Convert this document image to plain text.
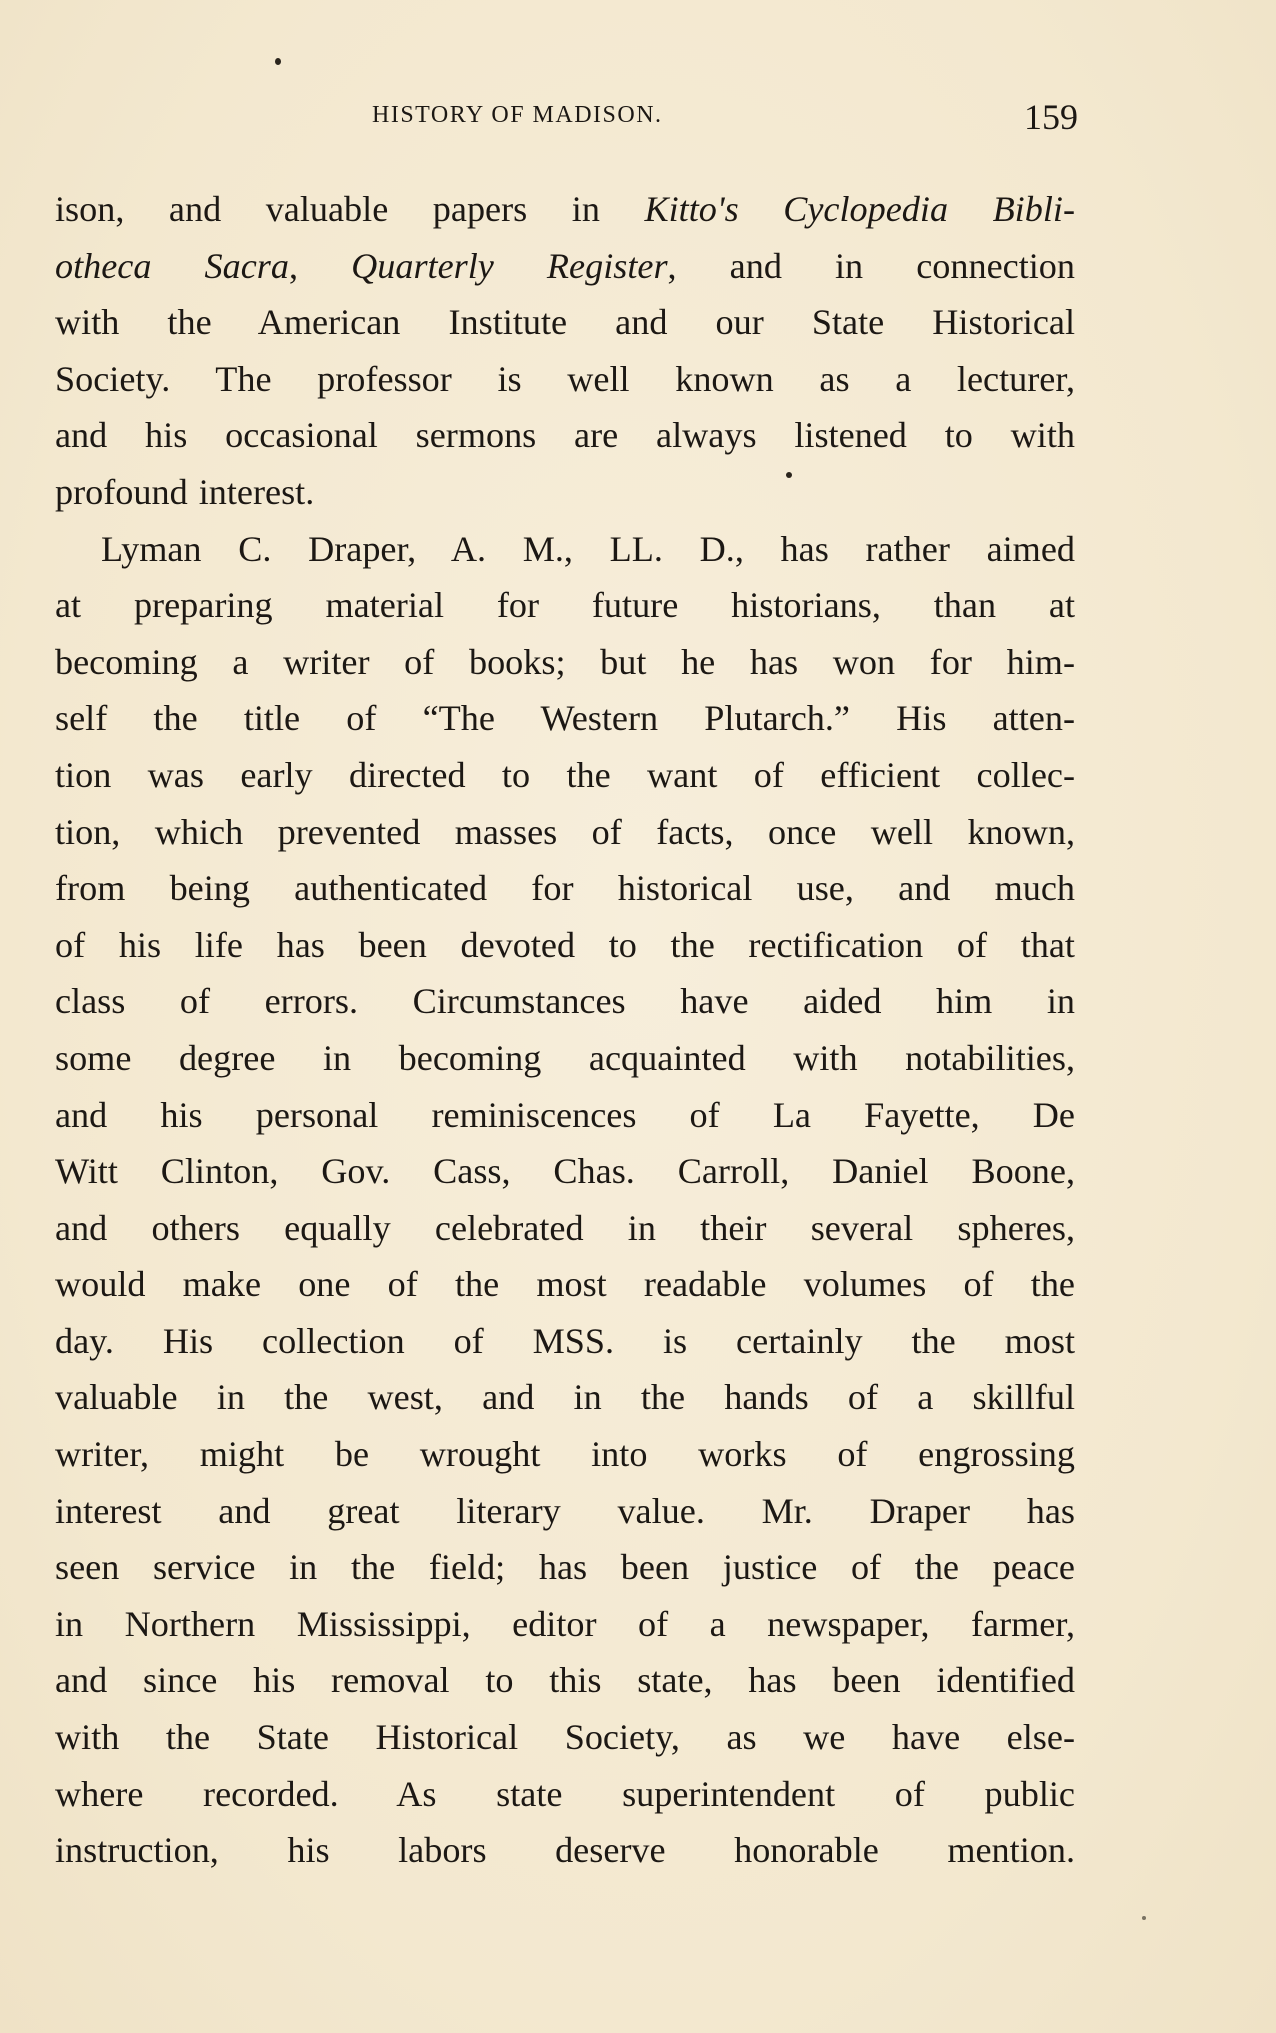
HISTORY OF MADISON.	159
ison, and valuable papers in Kitto's Cyclopedia Bibli-
otheca Sacra, Quarterly Register, and in connection
with the American Institute and our State Historical
Society. The professor is well known as a lecturer,
and his occasional sermons are always listened to with
profound interest.
Lyman C. Draper, A. M., LL. D., has rather aimed
at preparing material for future historians, than at
becoming a writer of books; but he has won for him-
self the title of “The Western Plutarch.” His atten-
tion was early directed to the want of efficient collec-
tion, which prevented masses of facts, once well known,
from being authenticated for historical use, and much
of his life has been devoted to the rectification of that
class of errors. Circumstances have aided him in
some degree in becoming acquainted with notabilities,
and his personal reminiscences of La Fayette, De
Witt Clinton, Gov. Cass, Chas. Carroll, Daniel Boone,
and others equally celebrated in their several spheres,
would make one of the most readable volumes of the
day. His collection of MSS. is certainly the most
valuable in the west, and in the hands of a skillful
writer, might be wrought into works of engrossing
interest and great literary value. Mr. Draper has
seen service in the field; has been justice of the peace
in Northern Mississippi, editor of a newspaper, farmer,
and since his removal to this state, has been identified
with the State Historical Society, as we have else-
where recorded. As state superintendent of public
instruction, his labors deserve honorable mention.
